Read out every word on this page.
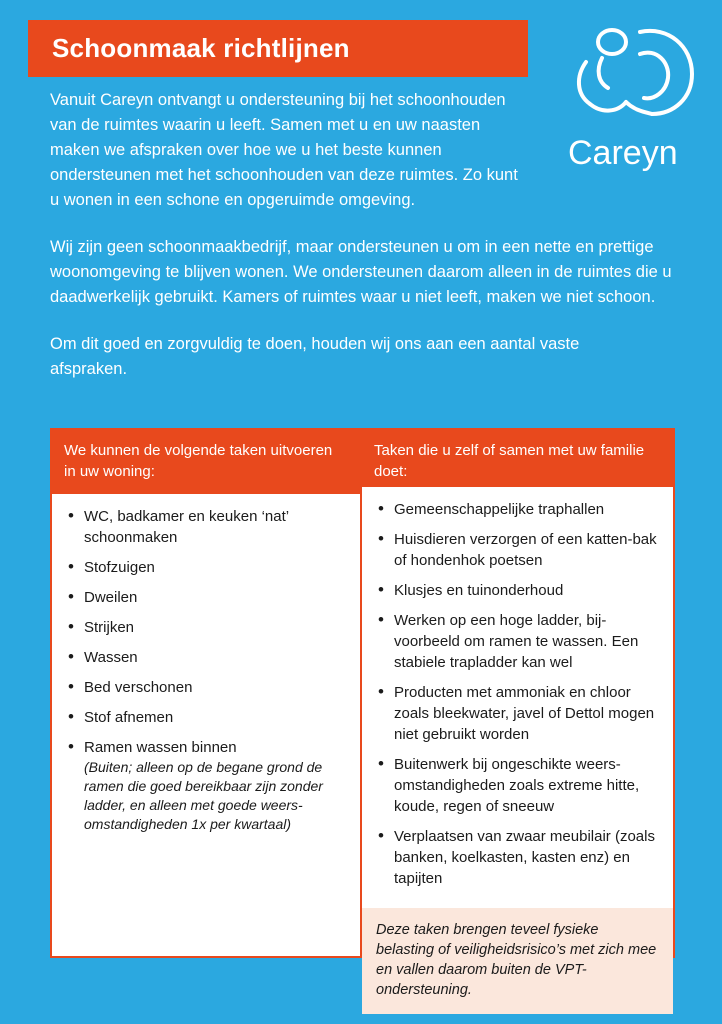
Schoonmaak richtlijnen
Careyn

Vanuit Careyn ontvangt u ondersteuning bij het schoonhouden van de ruimtes waarin u leeft. Samen met u en uw naasten maken we afspraken over hoe we u het beste kunnen ondersteunen met het schoonhouden van deze ruimtes. Zo kunt u wonen in een schone en opgeruimde omgeving.

Wij zijn geen schoonmaakbedrijf, maar ondersteunen u om in een nette en prettige woonomgeving te blijven wonen. We ondersteunen daarom alleen in de ruimtes die u daadwerkelijk gebruikt. Kamers of ruimtes waar u niet leeft, maken we niet schoon.

Om dit goed en zorgvuldig te doen, houden wij ons aan een aantal vaste afspraken.

We kunnen de volgende taken uitvoeren in uw woning:
• WC, badkamer en keuken ‘nat’ schoonmaken
• Stofzuigen
• Dweilen
• Strijken
• Wassen
• Bed verschonen
• Stof afnemen
• Ramen wassen binnen
(Buiten; alleen op de begane grond de ramen die goed bereikbaar zijn zonder ladder, en alleen met goede weers-omstandigheden 1x per kwartaal)
Taken die u zelf of samen met uw familie doet:
• Gemeenschappelijke traphallen
• Huisdieren verzorgen of een katten-bak of hondenhok poetsen
• Klusjes en tuinonderhoud
• Werken op een hoge ladder, bij-voorbeeld om ramen te wassen. Een stabiele trapladder kan wel
• Producten met ammoniak en chloor zoals bleekwater, javel of Dettol mogen niet gebruikt worden
• Buitenwerk bij ongeschikte weers-omstandigheden zoals extreme hitte, koude, regen of sneeuw
• Verplaatsen van zwaar meubilair (zoals banken, koelkasten, kasten enz) en tapijten
Deze taken brengen teveel fysieke belasting of veiligheidsrisico’s met zich mee en vallen daarom buiten de VPT-ondersteuning.
